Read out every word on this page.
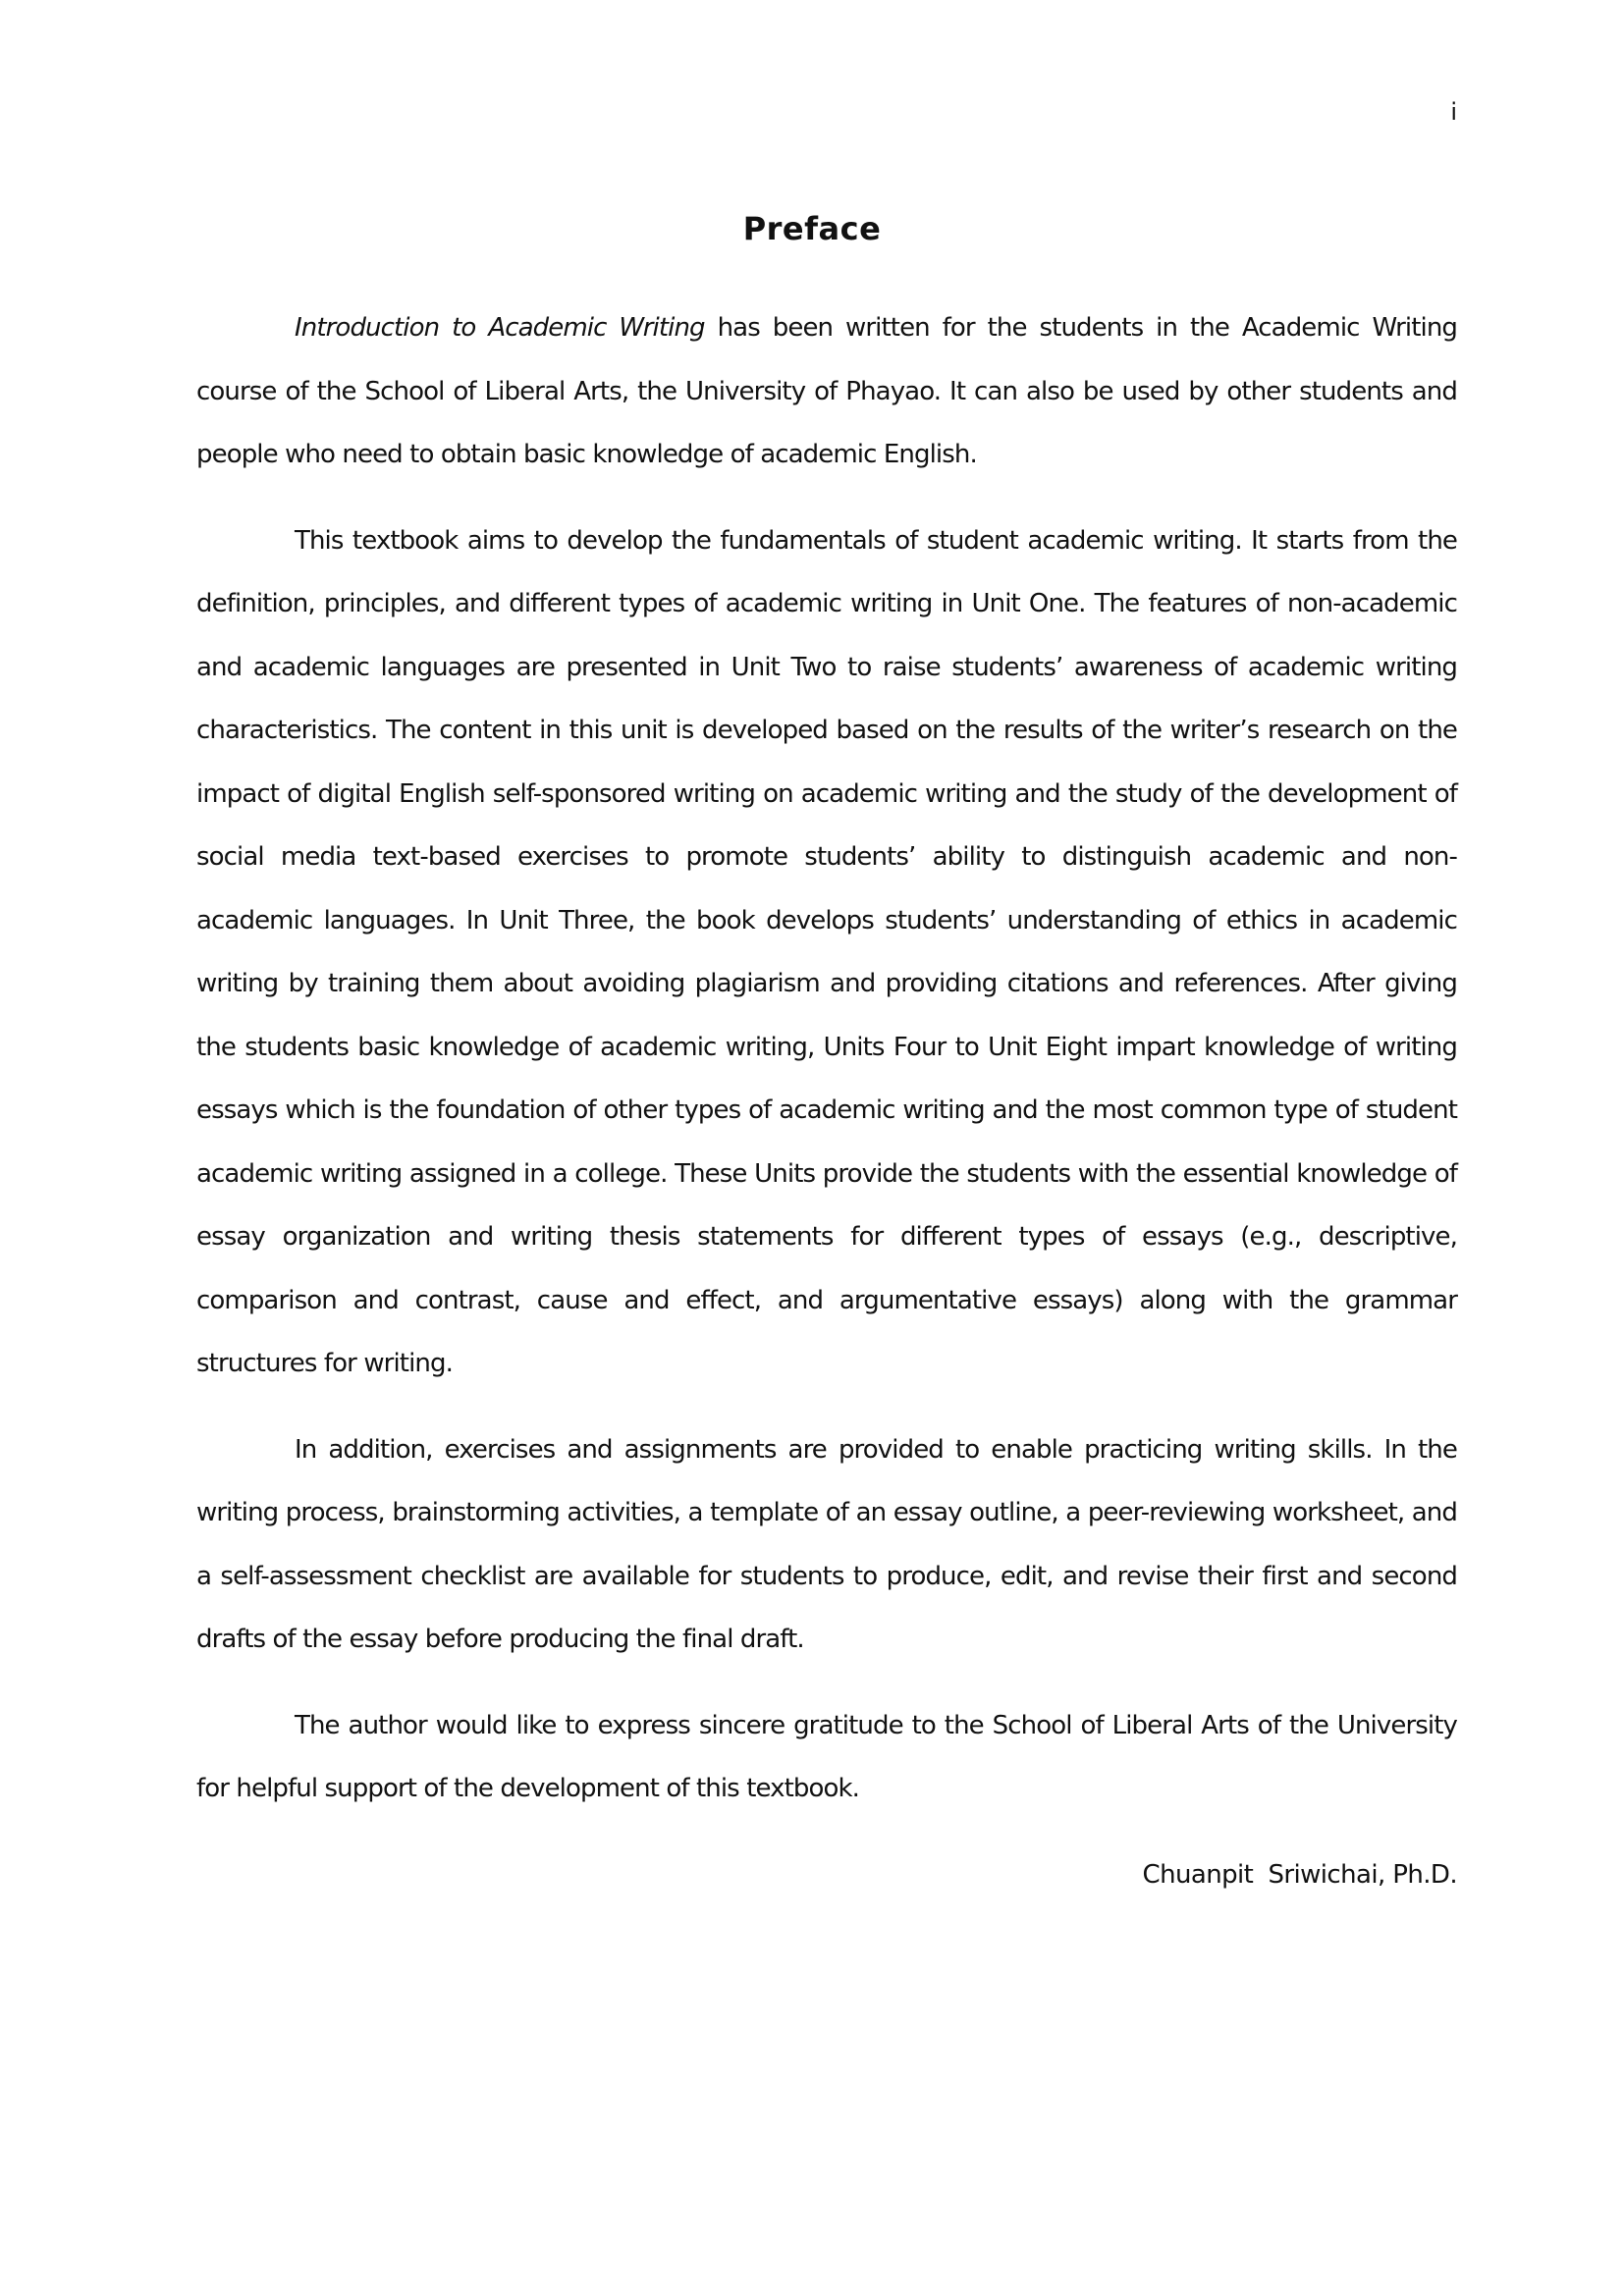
i
Preface

Introduction to Academic Writing has been written for the students in the Academic Writing course of the School of Liberal Arts, the University of Phayao. It can also be used by other students and people who need to obtain basic knowledge of academic English.

This textbook aims to develop the fundamentals of student academic writing. It starts from the definition, principles, and different types of academic writing in Unit One. The features of non-academic and academic languages are presented in Unit Two to raise students’ awareness of academic writing characteristics. The content in this unit is developed based on the results of the writer’s research on the impact of digital English self-sponsored writing on academic writing and the study of the development of social media text-based exercises to promote students’ ability to distinguish academic and non-academic languages. In Unit Three, the book develops students’ understanding of ethics in academic writing by training them about avoiding plagiarism and providing citations and references. After giving the students basic knowledge of academic writing, Units Four to Unit Eight impart knowledge of writing essays which is the foundation of other types of academic writing and the most common type of student academic writing assigned in a college. These Units provide the students with the essential knowledge of essay organization and writing thesis statements for different types of essays (e.g., descriptive, comparison and contrast, cause and effect, and argumentative essays) along with the grammar structures for writing.

In addition, exercises and assignments are provided to enable practicing writing skills. In the writing process, brainstorming activities, a template of an essay outline, a peer-reviewing worksheet, and a self-assessment checklist are available for students to produce, edit, and revise their first and second drafts of the essay before producing the final draft.

The author would like to express sincere gratitude to the School of Liberal Arts of the University for helpful support of the development of this textbook.

Chuanpit  Sriwichai, Ph.D.
